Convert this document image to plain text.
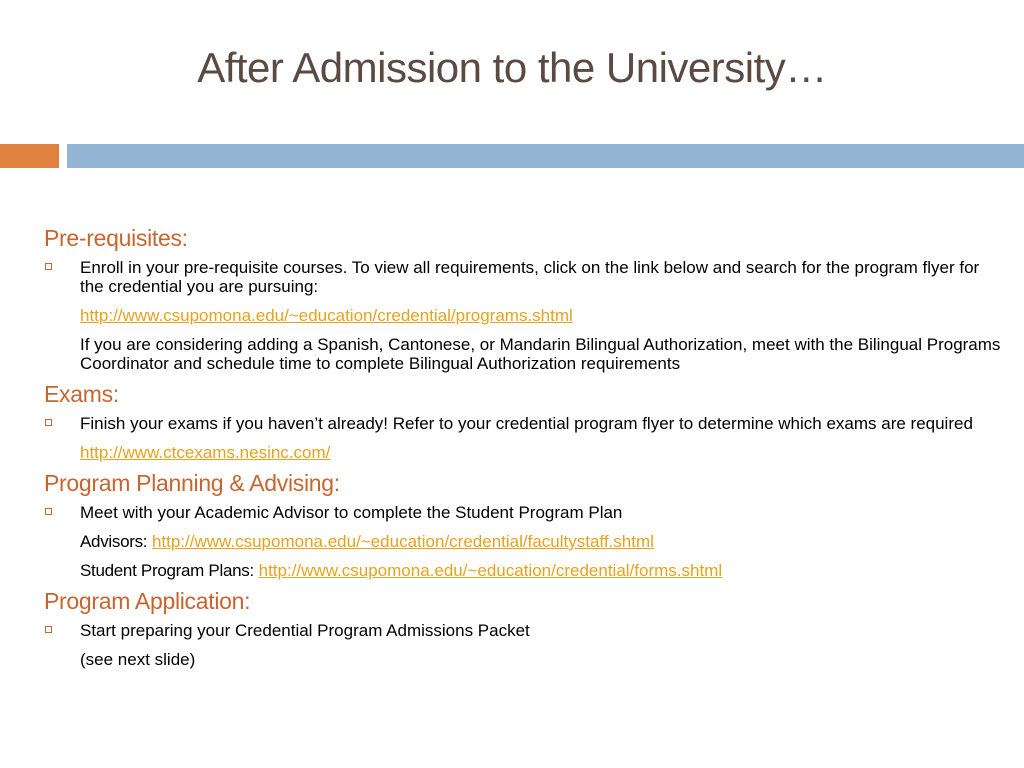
After Admission to the University…
Pre-requisites:
Enroll in your pre-requisite courses. To view all requirements, click on the link below and search for the program flyer for the credential you are pursuing:
http://www.csupomona.edu/~education/credential/programs.shtml
If you are considering adding a Spanish, Cantonese, or Mandarin Bilingual Authorization, meet with the Bilingual Programs Coordinator and schedule time to complete Bilingual Authorization requirements
Exams:
Finish your exams if you haven’t already! Refer to your credential program flyer to determine which exams are required
http://www.ctcexams.nesinc.com/
Program Planning & Advising:
Meet with your Academic Advisor to complete the Student Program Plan
Advisors: http://www.csupomona.edu/~education/credential/facultystaff.shtml
Student Program Plans: http://www.csupomona.edu/~education/credential/forms.shtml
Program Application:
Start preparing your Credential Program Admissions Packet
(see next slide)
